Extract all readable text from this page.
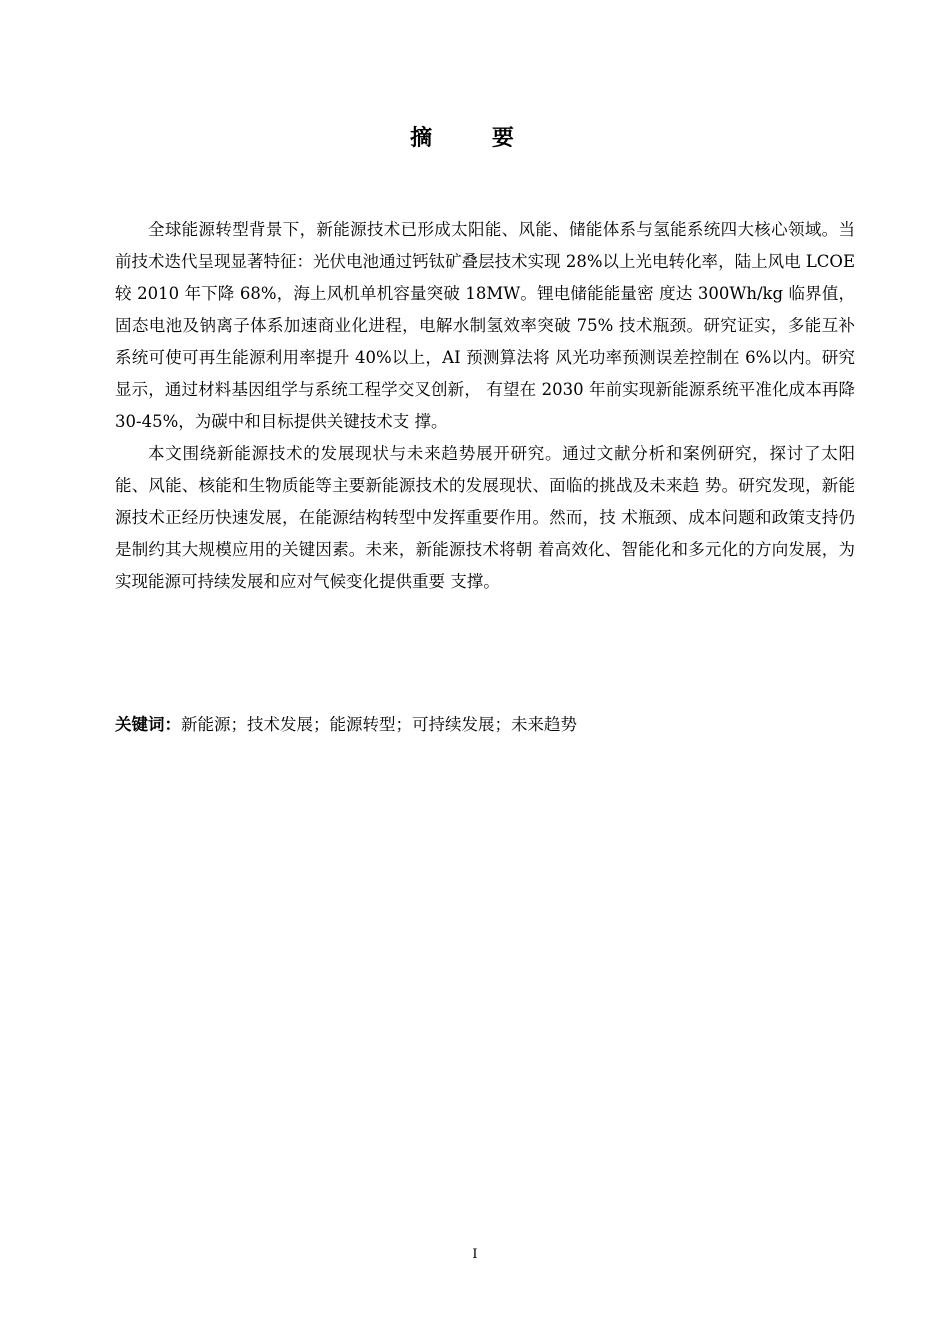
摘 要

全球能源转型背景下，新能源技术已形成太阳能、风能、储能体系与氢能系统四大核心领域。当前技术迭代呈现显著特征：光伏电池通过钙钛矿叠层技术实现 28%以上光电转化率，陆上风电 LCOE 较 2010 年下降 68%，海上风机单机容量突破 18MW。锂电储能能量密 度达 300Wh/kg 临界值，固态电池及钠离子体系加速商业化进程，电解水制氢效率突破 75% 技术瓶颈。研究证实，多能互补系统可使可再生能源利用率提升 40%以上，AI 预测算法将 风光功率预测误差控制在 6%以内。研究显示，通过材料基因组学与系统工程学交叉创新， 有望在 2030 年前实现新能源系统平准化成本再降 30-45%，为碳中和目标提供关键技术支 撑。

本文围绕新能源技术的发展现状与未来趋势展开研究。通过文献分析和案例研究，探讨了太阳能、风能、核能和生物质能等主要新能源技术的发展现状、面临的挑战及未来趋 势。研究发现，新能源技术正经历快速发展，在能源结构转型中发挥重要作用。然而，技 术瓶颈、成本问题和政策支持仍是制约其大规模应用的关键因素。未来，新能源技术将朝 着高效化、智能化和多元化的方向发展，为实现能源可持续发展和应对气候变化提供重要 支撑。

关键词：新能源；技术发展；能源转型；可持续发展；未来趋势
I
